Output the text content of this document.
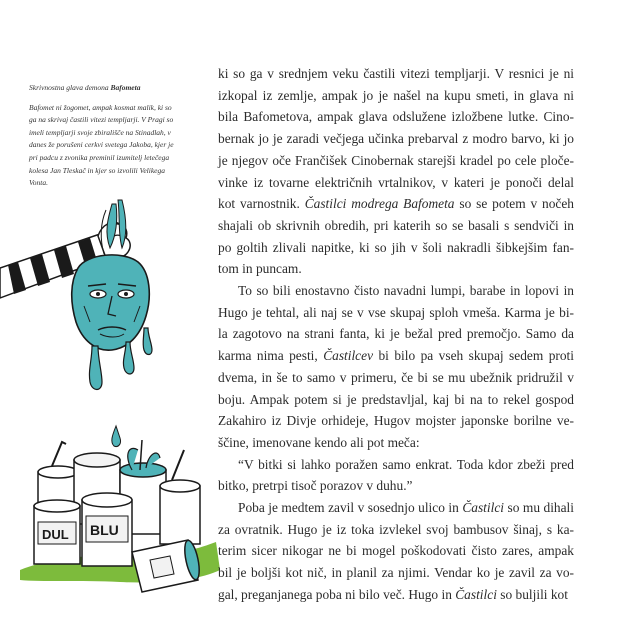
Skrivnostna glava demona Bafometa
Bafomet ni žogomet, ampak kosmat malik, ki so
ga na skrivaj častili vitezi templjarji. V Pragi so
imeli templjarji svoje zbirališče na Stinadlah, v
danes že porušeni cerkvi svetega Jakoba, kjer je
pri padcu z zvonika preminil izumitelj letečega
kolesa Jan Tleskač in kjer so izvolili Velikega
Vonta.
DUL BLU

ki so ga v srednjem veku častili vitezi templjarji. V resnici je ni
izkopal iz zemlje, ampak jo je našel na kupu smeti, in glava ni
bila Bafometova, ampak glava odslužene izložbene lutke. Cino-
bernak jo je zaradi večjega učinka prebarval z modro barvo, ki jo
je njegov oče Frančišek Cinobernak starejši kradel po cele ploče-
vinke iz tovarne električnih vrtalnikov, v kateri je ponoči delal
kot varnostnik. Častilci modrega Bafometa so se potem v nočeh
shajali ob skrivnih obredih, pri katerih so se basali s sendviči in
po goltih zlivali napitke, ki so jih v šoli nakradli šibkejšim fan-
tom in puncam.

To so bili enostavno čisto navadni lumpi, barabe in lopovi in
Hugo je tehtal, ali naj se v vse skupaj sploh vmeša. Karma je bi-
la zagotovo na strani fanta, ki je bežal pred premočjo. Samo da
karma nima pesti, Častilcev bi bilo pa vseh skupaj sedem proti
dvema, in še to samo v primeru, če bi se mu ubežnik pridružil v
boju. Ampak potem si je predstavljal, kaj bi na to rekel gospod
Zakahiro iz Divje orhideje, Hugov mojster japonske borilne ve-
ščine, imenovane kendo ali pot meča:

“V bitki si lahko poražen samo enkrat. Toda kdor zbeži pred
bitko, pretrpi tisoč porazov v duhu.”

Poba je medtem zavil v sosednjo ulico in Častilci so mu dihali
za ovratnik. Hugo je iz toka izvlekel svoj bambusov šinaj, s ka-
terim sicer nikogar ne bi mogel poškodovati čisto zares, ampak
bil je boljši kot nič, in planil za njimi. Vendar ko je zavil za vo-
gal, preganjanega poba ni bilo več. Hugo in Častilci so buljili kot
